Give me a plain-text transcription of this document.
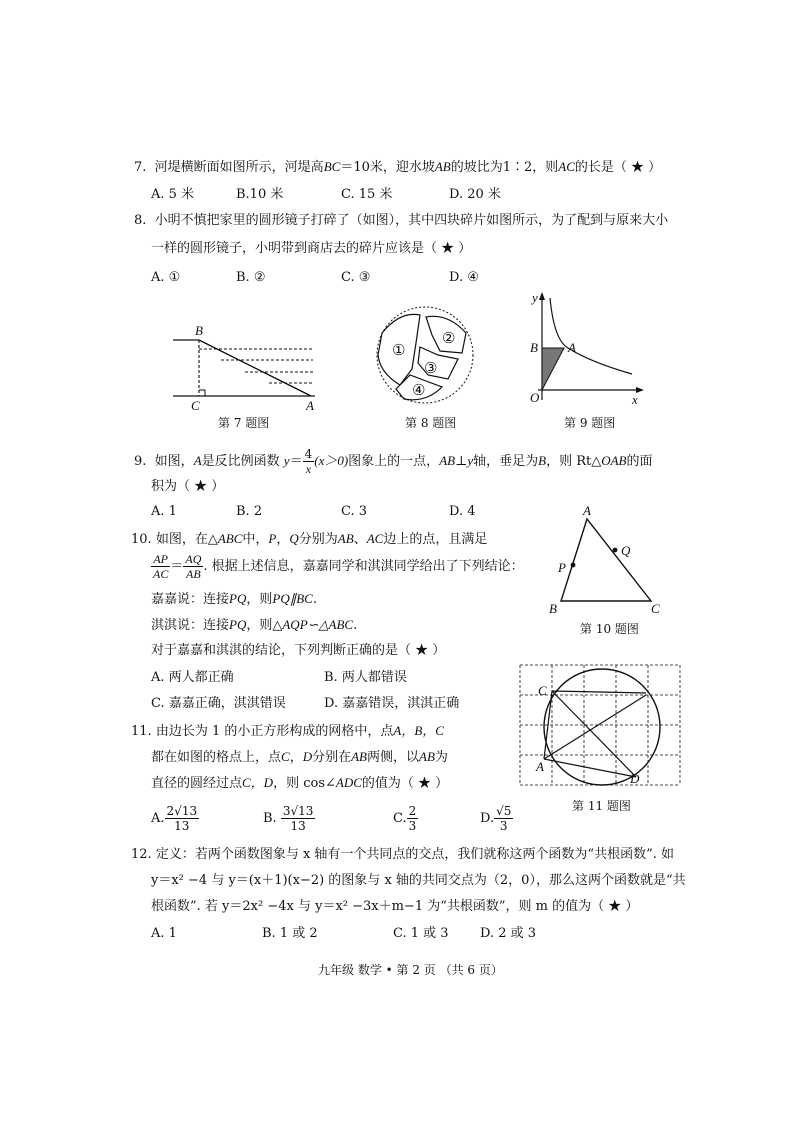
7. 河堤横断面如图所示，河堤高BC＝10米，迎水坡AB的坡比为1∶2，则AC的长是（ ★ ）
A. 5 米	B.10 米	C. 15 米	D. 20 米
8. 小明不慎把家里的圆形镜子打碎了（如图），其中四块碎片如图所示，为了配到与原来大小
一样的圆形镜子，小明带到商店去的碎片应该是（ ★ ）
A. ①	B. ②	C. ③	D. ④
B
C	A
第 7 题图
①
②
③
④
第 8 题图
y
x
O
B A
第 9 题图
9. 如图，A是反比例函数 $y= \frac{4}{x} (x>0)$图象上的一点，AB⊥y轴，垂足为B，则 Rt△OAB的面
积为（ ★ ）
A. 1	B. 2	C. 3	D. 4
10. 如图，在△ABC中，P，Q分别为AB、AC边上的点，且满足
$\frac{AP}{AC} = \frac{AQ}{AB}$ . 根据上述信息，嘉嘉同学和淇淇同学给出了下列结论：
嘉嘉说：连接PQ，则PQ∥BC.
淇淇说：连接PQ，则△AQP∽△ABC.
对于嘉嘉和淇淇的结论，下列判断正确的是（ ★ ）
A. 两人都正确	B. 两人都错误
C. 嘉嘉正确，淇淇错误	D. 嘉嘉错误，淇淇正确
A
B	C
P
Q
第 10 题图
11. 由边长为 1 的小正方形构成的网格中，点A，B，C
都在如图的格点上，点C，D分别在AB两侧，以AB为
直径的圆经过点C，D，则 cos∠ADC的值为（ ★ ）
A. $\frac{2√13}{13}$	B. $\frac{3√13}{13}$	C. $\frac{2}{3}$	D. $\frac{√5}{3}$
C
A
D
第 11 题图
12. 定义：若两个函数图象与 x 轴有一个共同点的交点，我们就称这两个函数为“共根函数”. 如
y＝x² −4 与 y＝(x＋1)(x−2) 的图象与 x 轴的共同交点为（2，0），那么这两个函数就是“共
根函数”. 若 y＝2x² −4x 与 y＝x² −3x＋m−1 为“共根函数”，则 m 的值为（ ★ ）
A. 1	B. 1 或 2	C. 1 或 3 D. 2 或 3
九年级 数学 • 第 2 页 （共 6 页）
